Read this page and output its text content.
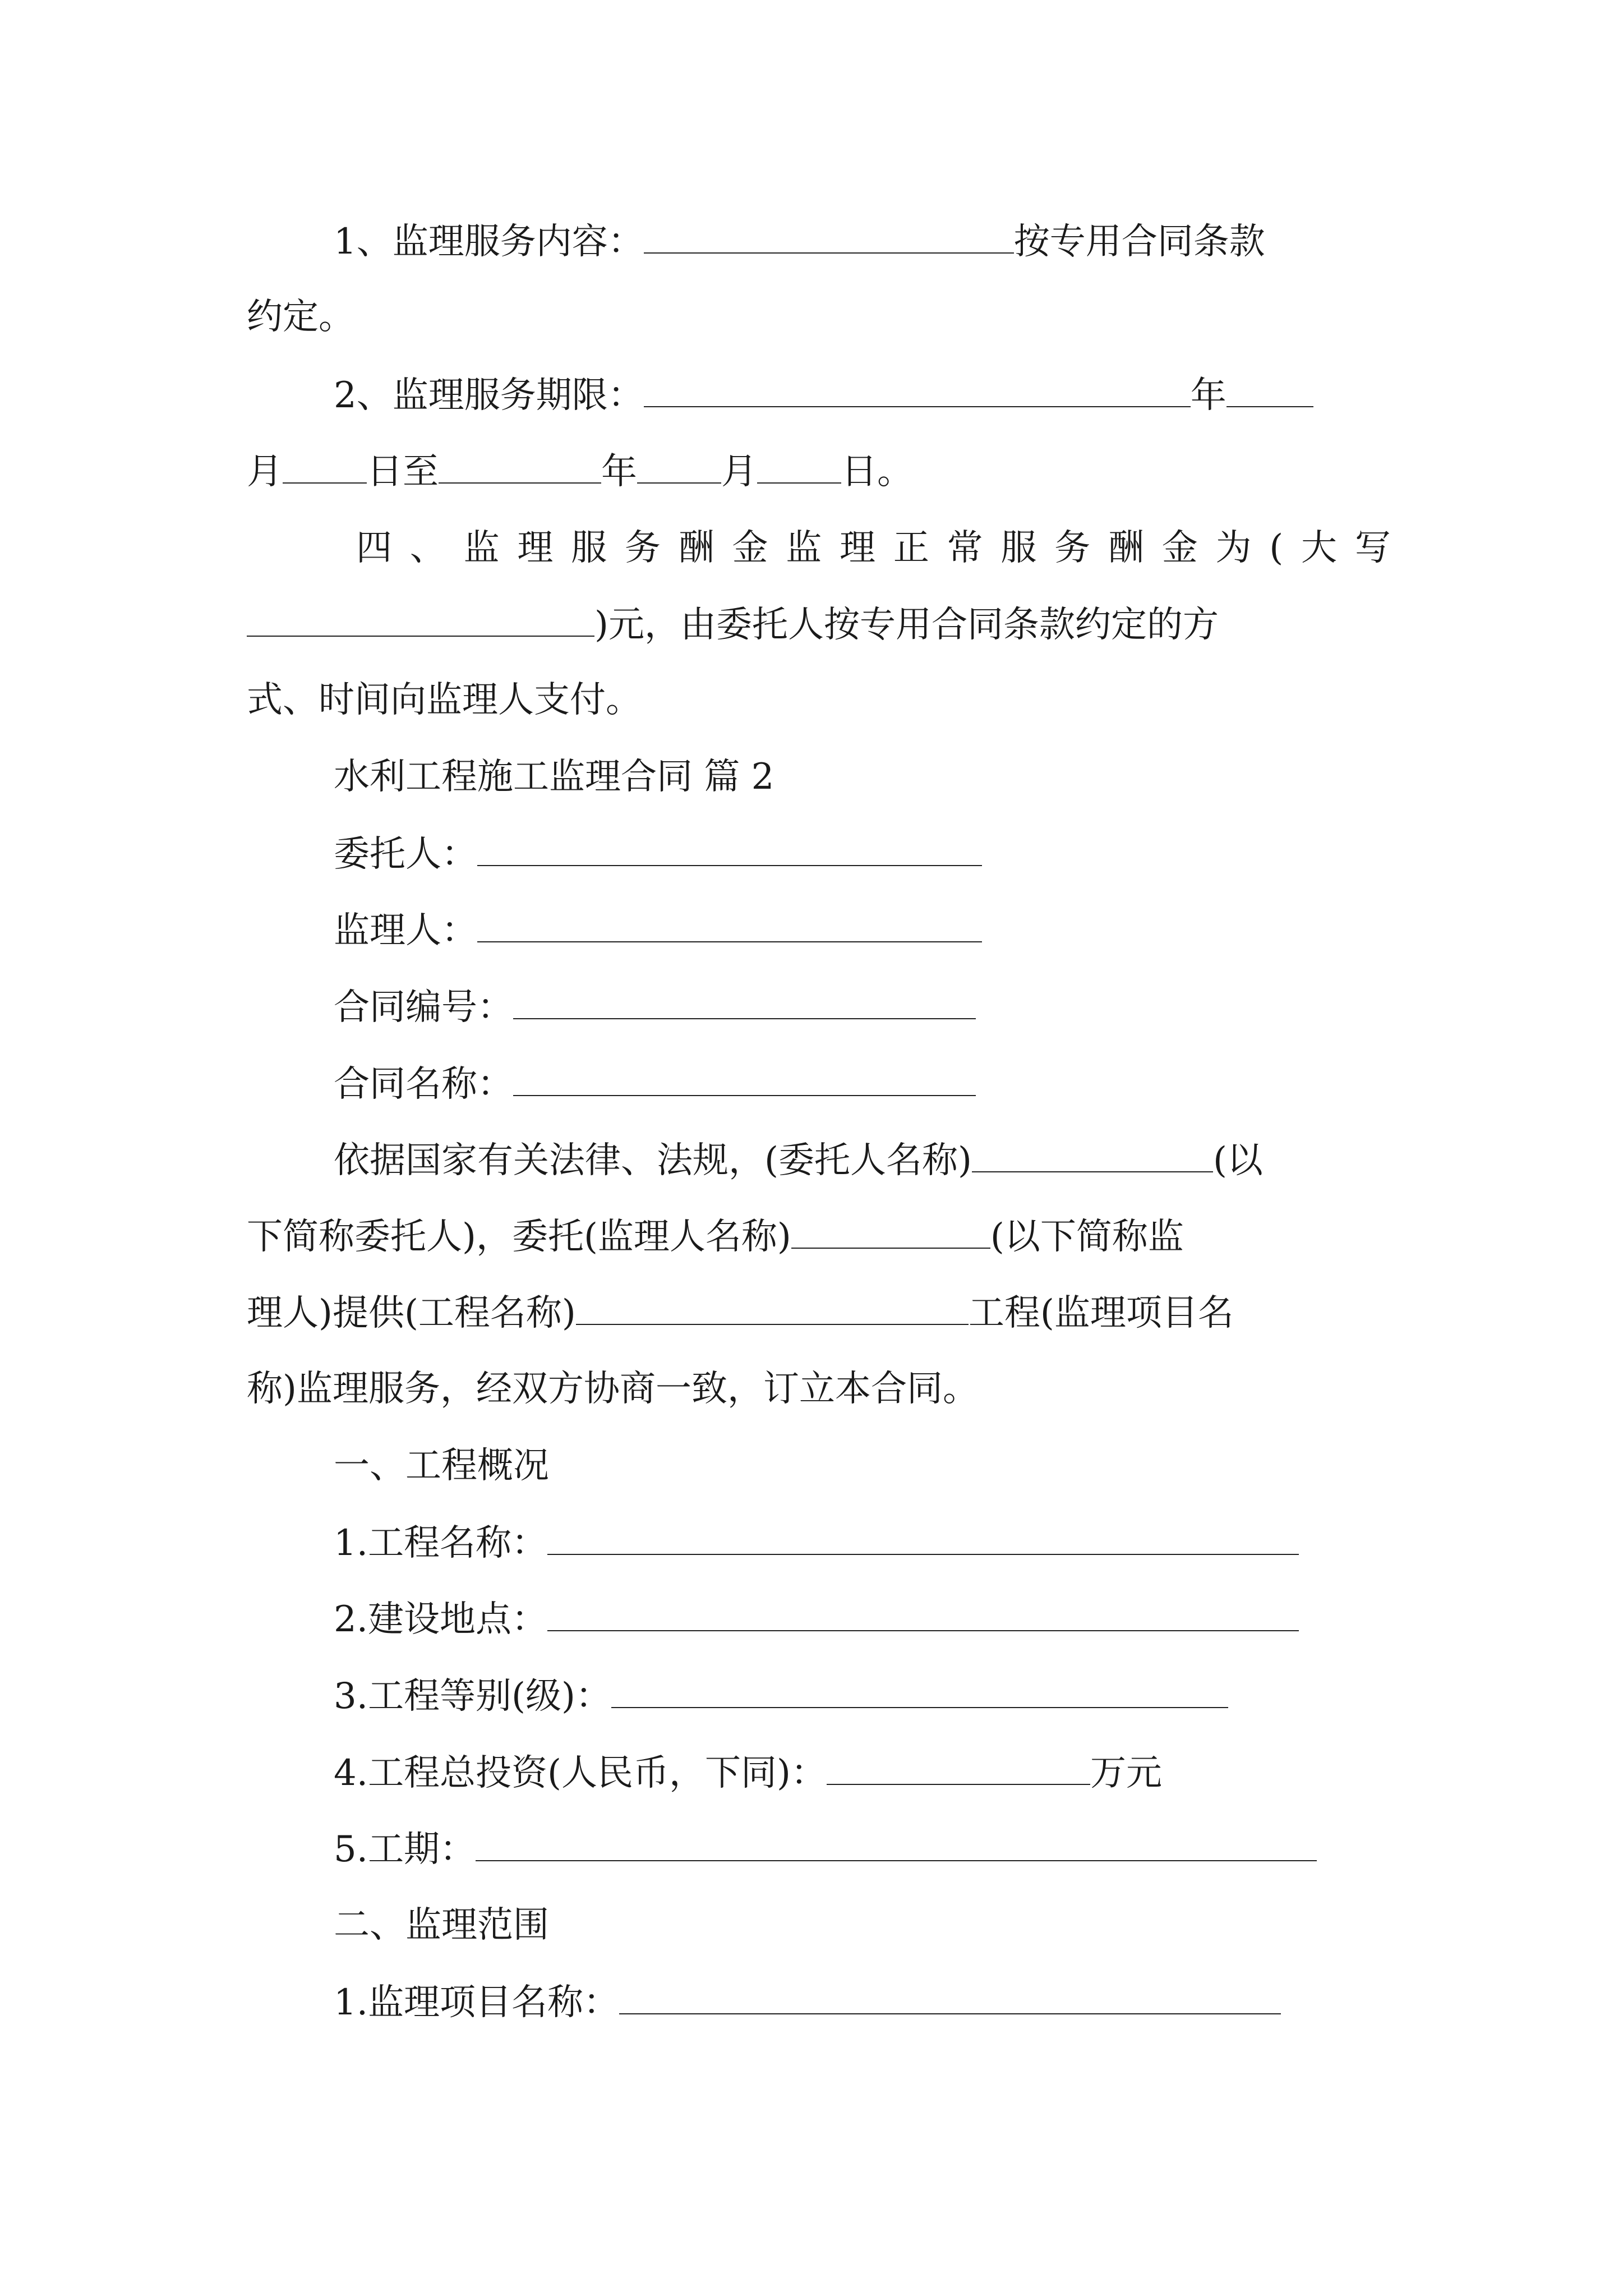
1、监理服务内容：	按专用合同条款
约定。
2、监理服务期限：	年
月 日至	年 月 日。
四 、 监 理 服 务 酬 金 监 理 正 常 服 务 酬 金 为 ( 大 写
)元，由委托人按专用合同条款约定的方
式、时间向监理人支付。
水利工程施工监理合同 篇 2
委托人：
监理人：
合同编号：
合同名称：
依据国家有关法律、法规，(委托人名称)	(以
下简称委托人)，委托(监理人名称)	(以下简称监
理人)提供(工程名称)	工程(监理项目名
称)监理服务，经双方协商一致，订立本合同。
一、工程概况
1.工程名称：
2.建设地点：
3.工程等别(级)：
4.工程总投资(人民币，下同)：	万元
5.工期：
二、监理范围
1.监理项目名称：
